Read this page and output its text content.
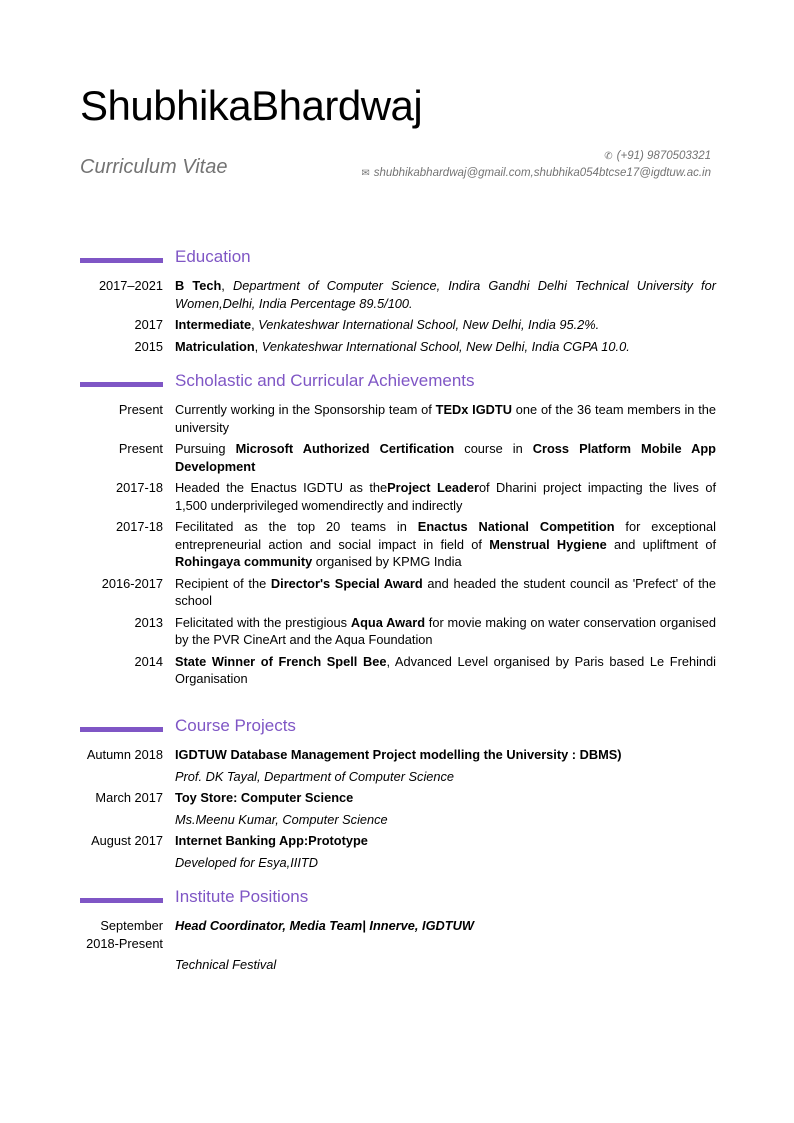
ShubhikaBhardwaj
Curriculum Vitae	✆ (+91) 9870503321
✉ shubhikabhardwaj@gmail.com,shubhika054btcse17@igdtuw.ac.in
Education
2017–2021 B Tech, Department of Computer Science, Indira Gandhi Delhi Technical University for Women,Delhi, India Percentage 89.5/100.
2017 Intermediate, Venkateshwar International School, New Delhi, India 95.2%.
2015 Matriculation, Venkateshwar International School, New Delhi, India CGPA 10.0.
Scholastic and Curricular Achievements
Present Currently working in the Sponsorship team of TEDx IGDTU one of the 36 team members in the university
Present Pursuing Microsoft Authorized Certification course in Cross Platform Mobile App Development
2017-18 Headed the Enactus IGDTU as theProject Leaderof Dharini project impacting the lives of 1,500 underprivileged womendirectly and indirectly
2017-18 Fecilitated as the top 20 teams in Enactus National Competition for exceptional entrepreneurial action and social impact in field of Menstrual Hygiene and upliftment of Rohingaya community organised by KPMG India
2016-2017 Recipient of the Director's Special Award and headed the student council as 'Prefect' of the school
2013 Felicitated with the prestigious Aqua Award for movie making on water conservation organised by the PVR CineArt and the Aqua Foundation
2014 State Winner of French Spell Bee, Advanced Level organised by Paris based Le Frehindi Organisation
Course Projects
Autumn 2018 IGDTUW Database Management Project modelling the University : DBMS)
Prof. DK Tayal, Department of Computer Science
March 2017 Toy Store: Computer Science
Ms.Meenu Kumar, Computer Science
August 2017 Internet Banking App:Prototype
Developed for Esya,IIITD
Institute Positions
September
2018-Present
Head Coordinator, Media Team| Innerve, IGDTUW
Technical Festival
